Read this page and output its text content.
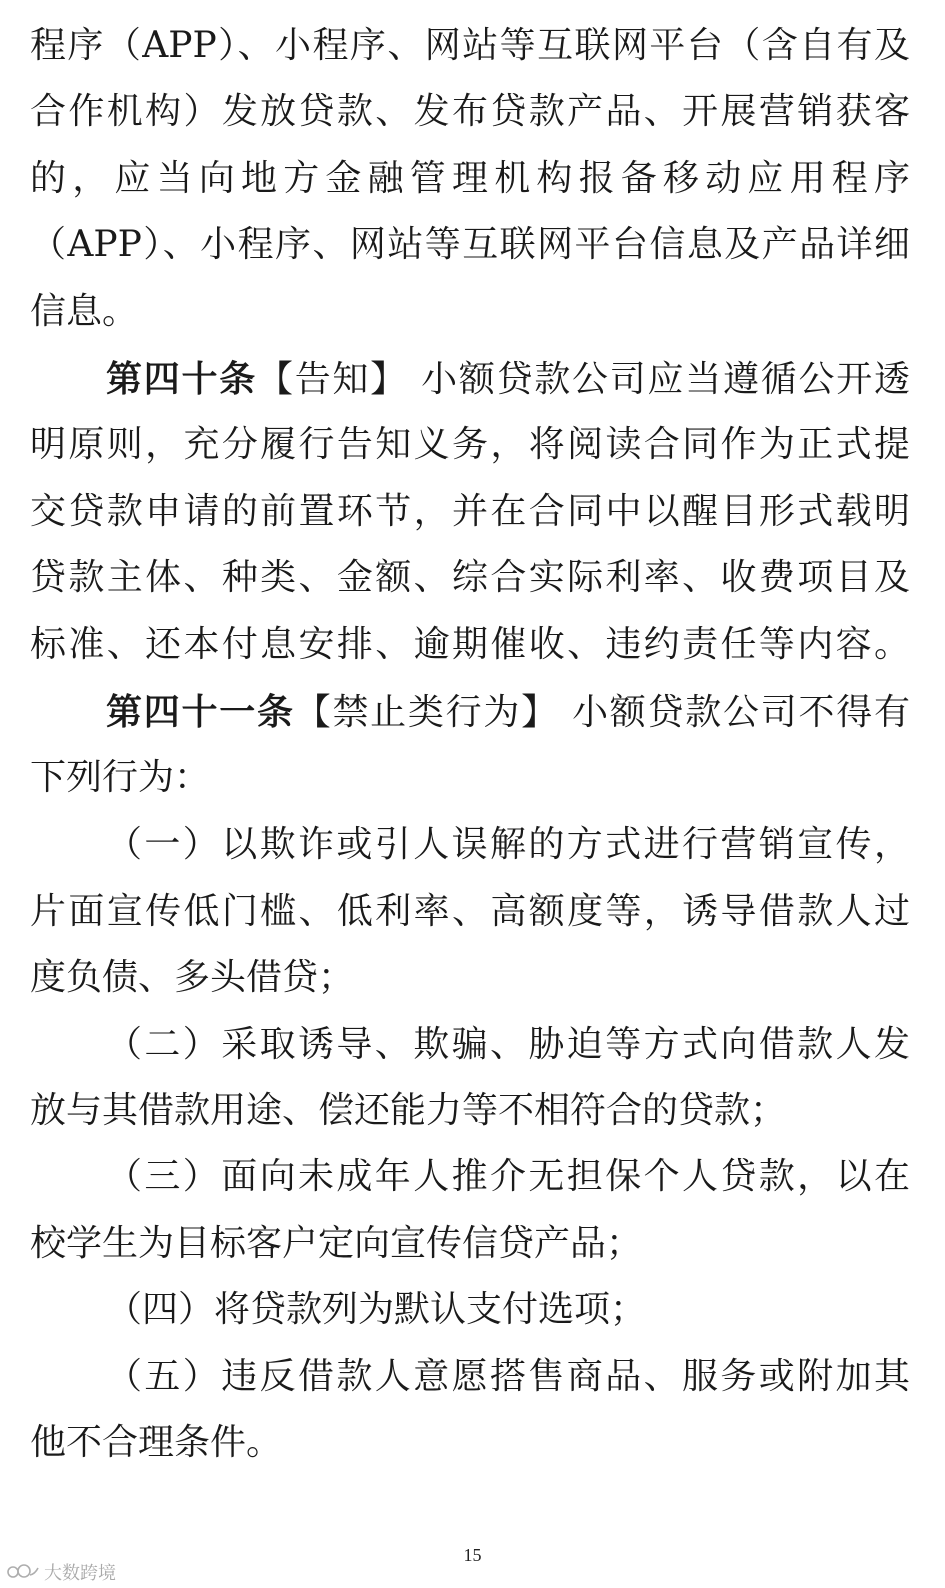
程序（APP）、小程序、网站等互联网平台（含自有及
合作机构）发放贷款、发布贷款产品、开展营销获客
的，应当向地方金融管理机构报备移动应用程序
（APP）、小程序、网站等互联网平台信息及产品详细
信息。
第四十条【告知】 小额贷款公司应当遵循公开透
明原则，充分履行告知义务，将阅读合同作为正式提
交贷款申请的前置环节，并在合同中以醒目形式载明
贷款主体、种类、金额、综合实际利率、收费项目及
标准、还本付息安排、逾期催收、违约责任等内容。
第四十一条【禁止类行为】 小额贷款公司不得有
下列行为：
（一）以欺诈或引人误解的方式进行营销宣传，
片面宣传低门槛、低利率、高额度等，诱导借款人过
度负债、多头借贷；
（二）采取诱导、欺骗、胁迫等方式向借款人发
放与其借款用途、偿还能力等不相符合的贷款；
（三）面向未成年人推介无担保个人贷款，以在
校学生为目标客户定向宣传信贷产品；
（四）将贷款列为默认支付选项；
（五）违反借款人意愿搭售商品、服务或附加其
他不合理条件。
15
大数跨境
